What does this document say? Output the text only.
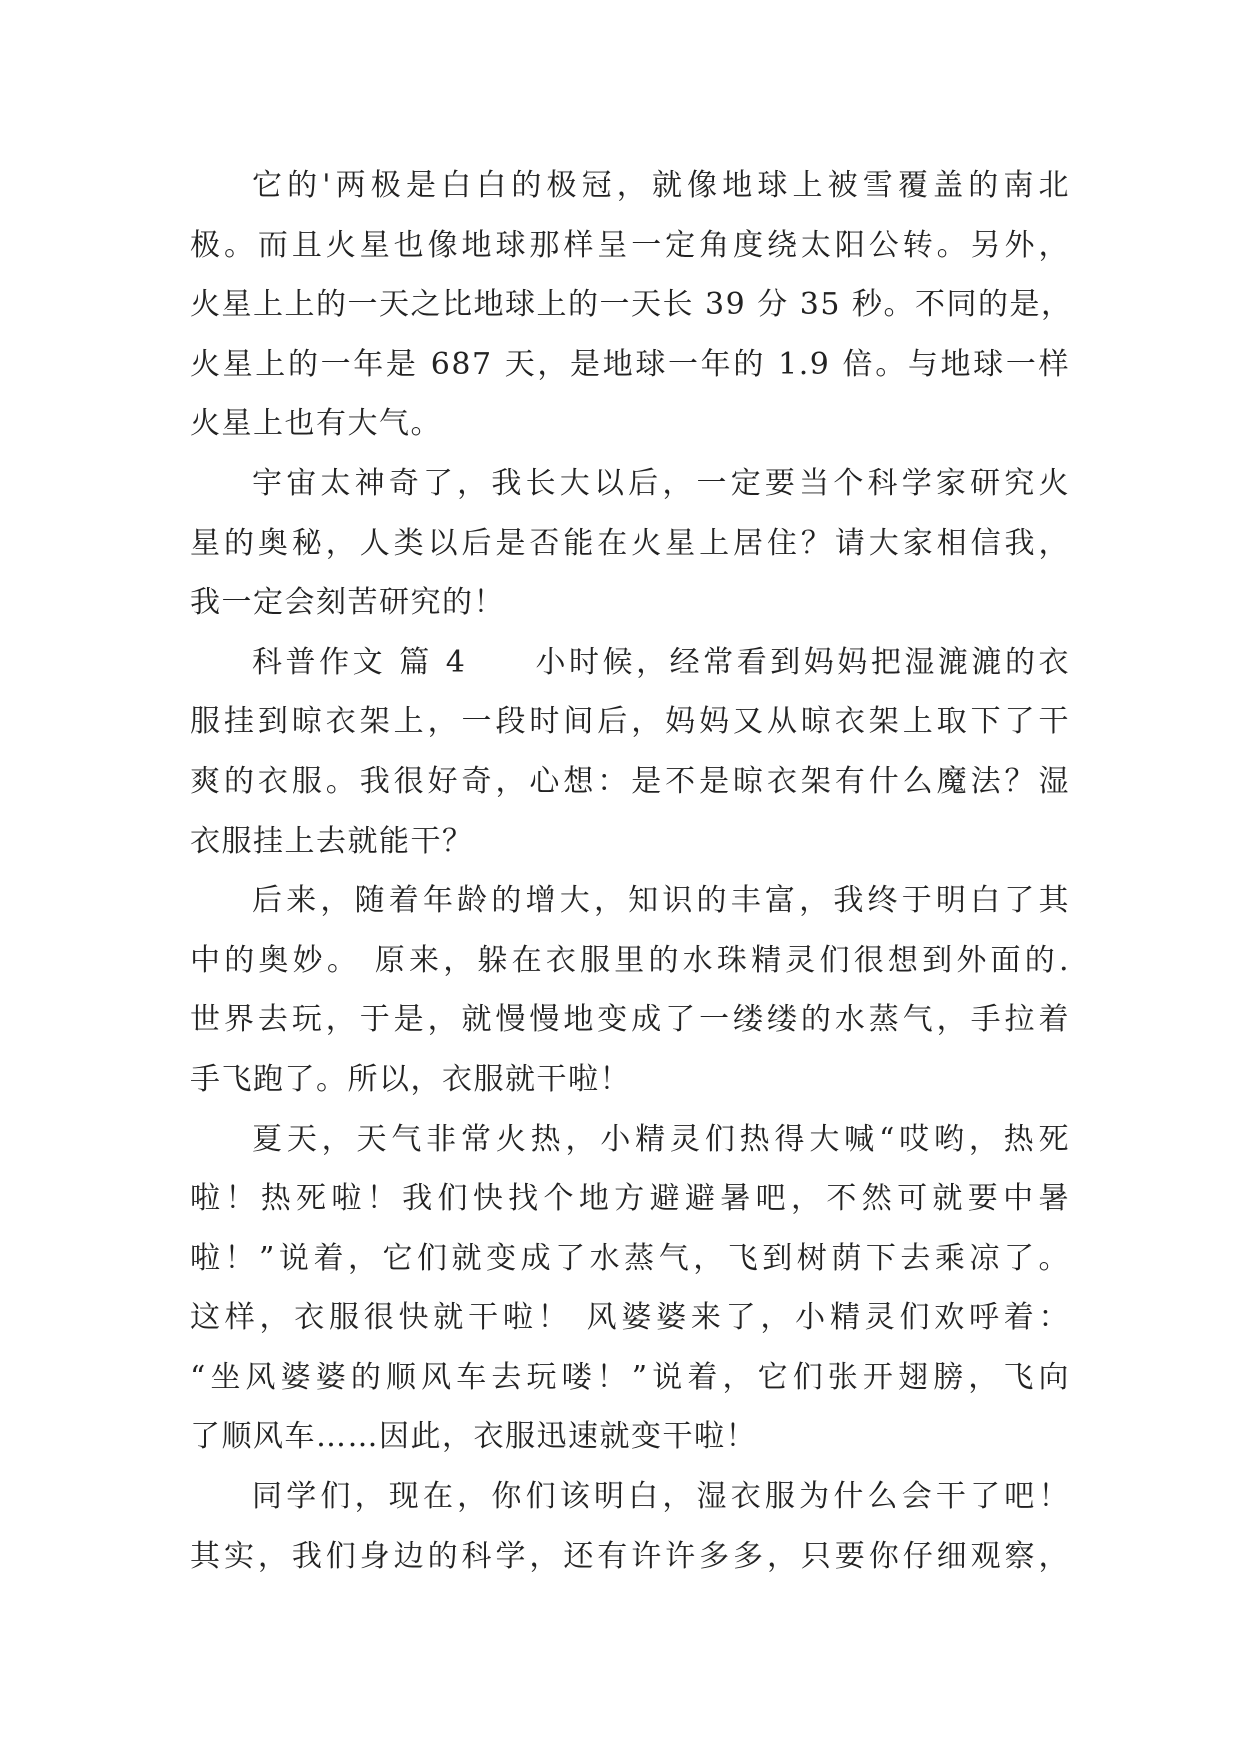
它的'两极是白白的极冠，就像地球上被雪覆盖的南北
极。而且火星也像地球那样呈一定角度绕太阳公转。另外，
火星上上的一天之比地球上的一天长 39 分 35 秒。不同的是，
火星上的一年是 687 天，是地球一年的 1.9 倍。与地球一样
火星上也有大气。
宇宙太神奇了，我长大以后，一定要当个科学家研究火
星的奥秘，人类以后是否能在火星上居住？请大家相信我，
我一定会刻苦研究的！
科普作文 篇 4　　小时候，经常看到妈妈把湿漉漉的衣
服挂到晾衣架上，一段时间后，妈妈又从晾衣架上取下了干
爽的衣服。我很好奇，心想：是不是晾衣架有什么魔法？湿
衣服挂上去就能干？
后来，随着年龄的增大，知识的丰富，我终于明白了其
中的奥妙。 原来，躲在衣服里的水珠精灵们很想到外面的.
世界去玩，于是，就慢慢地变成了一缕缕的水蒸气，手拉着
手飞跑了。所以，衣服就干啦！
夏天，天气非常火热，小精灵们热得大喊“哎哟，热死
啦！热死啦！我们快找个地方避避暑吧，不然可就要中暑
啦！”说着，它们就变成了水蒸气，飞到树荫下去乘凉了。
这样，衣服很快就干啦！ 风婆婆来了，小精灵们欢呼着：
“坐风婆婆的顺风车去玩喽！”说着，它们张开翅膀，飞向
了顺风车……因此，衣服迅速就变干啦！
同学们，现在，你们该明白，湿衣服为什么会干了吧！
其实，我们身边的科学，还有许许多多，只要你仔细观察，
